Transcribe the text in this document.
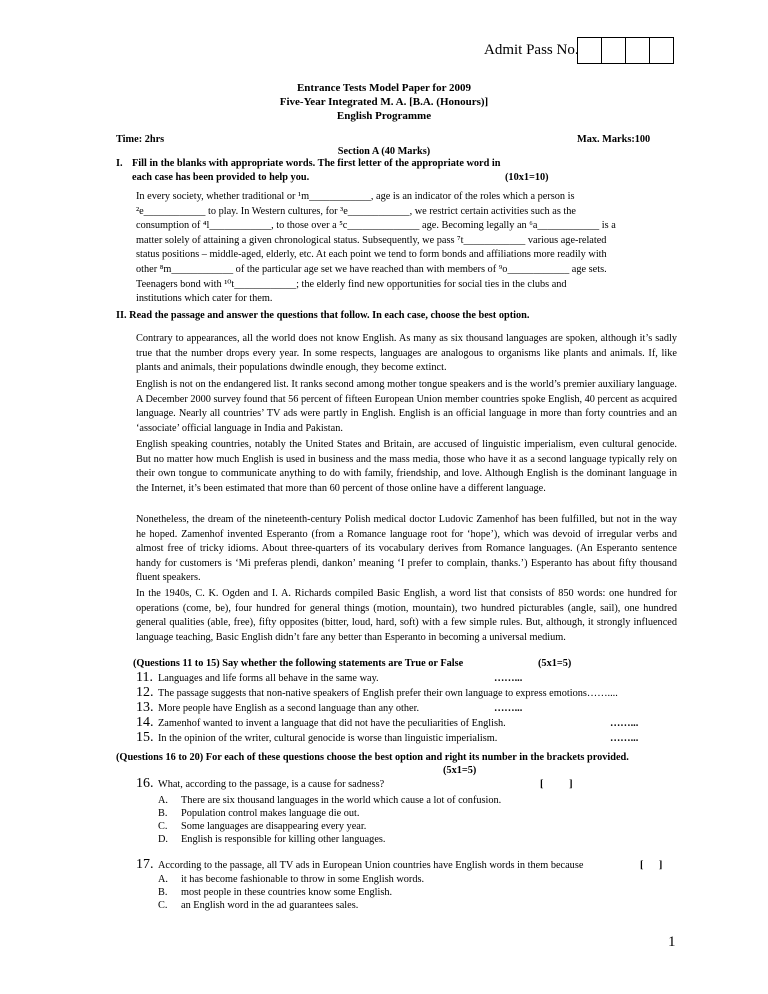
Admit Pass No.
Entrance Tests Model Paper for 2009
Five-Year Integrated M. A. [B.A. (Honours)]
English Programme
Time: 2hrs	Max. Marks:100
Section A (40 Marks)
I. Fill in the blanks with appropriate words. The first letter of the appropriate word in
each case has been provided to help you.	(10x1=10)
In every society, whether traditional or ¹m____________, age is an indicator of the roles which a person is
²e____________ to play. In Western cultures, for ³e____________, we restrict certain activities such as the
consumption of ⁴l____________, to those over a ⁵c______________ age. Becoming legally an ⁶a____________ is a
matter solely of attaining a given chronological status. Subsequently, we pass ⁷t____________ various age-related
status positions – middle-aged, elderly, etc. At each point we tend to form bonds and affiliations more readily with
other ⁸m____________ of the particular age set we have reached than with members of ⁹o____________ age sets.
Teenagers bond with ¹⁰t____________; the elderly find new opportunities for social ties in the clubs and
institutions which cater for them.
II. Read the passage and answer the questions that follow. In each case, choose the best option.
Contrary to appearances, all the world does not know English. As many as six thousand languages are spoken, although it’s sadly true that the number drops every year. In some respects, languages are analogous to organisms like plants and animals. If, like plants and animals, their populations dwindle enough, they become extinct.
English is not on the endangered list. It ranks second among mother tongue speakers and is the world’s premier auxiliary language. A December 2000 survey found that 56 percent of fifteen European Union member countries spoke English, 40 percent as acquired language. Nearly all countries’ TV ads were partly in English. English is an official language in more than forty countries and an ‘associate’ official language in India and Pakistan.
English speaking countries, notably the United States and Britain, are accused of linguistic imperialism, even cultural genocide. But no matter how much English is used in business and the mass media, those who have it as a second language typically rely on their own tongue to communicate anything to do with family, friendship, and love. Although English is the dominant language in the Internet, it’s been estimated that more than 60 percent of those online have a different language.
Nonetheless, the dream of the nineteenth-century Polish medical doctor Ludovic Zamenhof has been fulfilled, but not in the way he hoped. Zamenhof invented Esperanto (from a Romance language root for ‘hope’), which was devoid of irregular verbs and almost free of tricky idioms. About three-quarters of its vocabulary derives from Romance languages. (An Esperanto sentence handy for customers is ‘Mi preferas plendi, dankon’ meaning ‘I prefer to complain, thanks.’) Esperanto has about fifty thousand fluent speakers.
In the 1940s, C. K. Ogden and I. A. Richards compiled Basic English, a word list that consists of 850 words: one hundred for operations (come, be), four hundred for general things (motion, mountain), two hundred picturables (angle, sail), one hundred general qualities (able, free), fifty opposites (bitter, loud, hard, soft) with a few simple rules. But, although, it strongly influenced language teaching, Basic English didn’t fare any better than Esperanto in becoming a universal medium.
(Questions 11 to 15) Say whether the following statements are True or False	(5x1=5)
11. Languages and life forms all behave in the same way.	……...
12. The passage suggests that non-native speakers of English prefer their own language to express emotions……....
13. More people have English as a second language than any other.	……...
14. Zamenhof wanted to invent a language that did not have the peculiarities of English.	……...
15. In the opinion of the writer, cultural genocide is worse than linguistic imperialism.	……...
(Questions 16 to 20) For each of these questions choose the best option and right its number in the brackets provided.
(5x1=5)
16. What, according to the passage, is a cause for sadness?	[          ]
A. There are six thousand languages in the world which cause a lot of confusion.
B. Population control makes language die out.
C. Some languages are disappearing every year.
D. English is responsible for killing other languages.
17. According to the passage, all TV ads in European Union countries have English words in them because	[      ]
A. it has become fashionable to throw in some English words.
B. most people in these countries know some English.
C. an English word in the ad guarantees sales.
1
